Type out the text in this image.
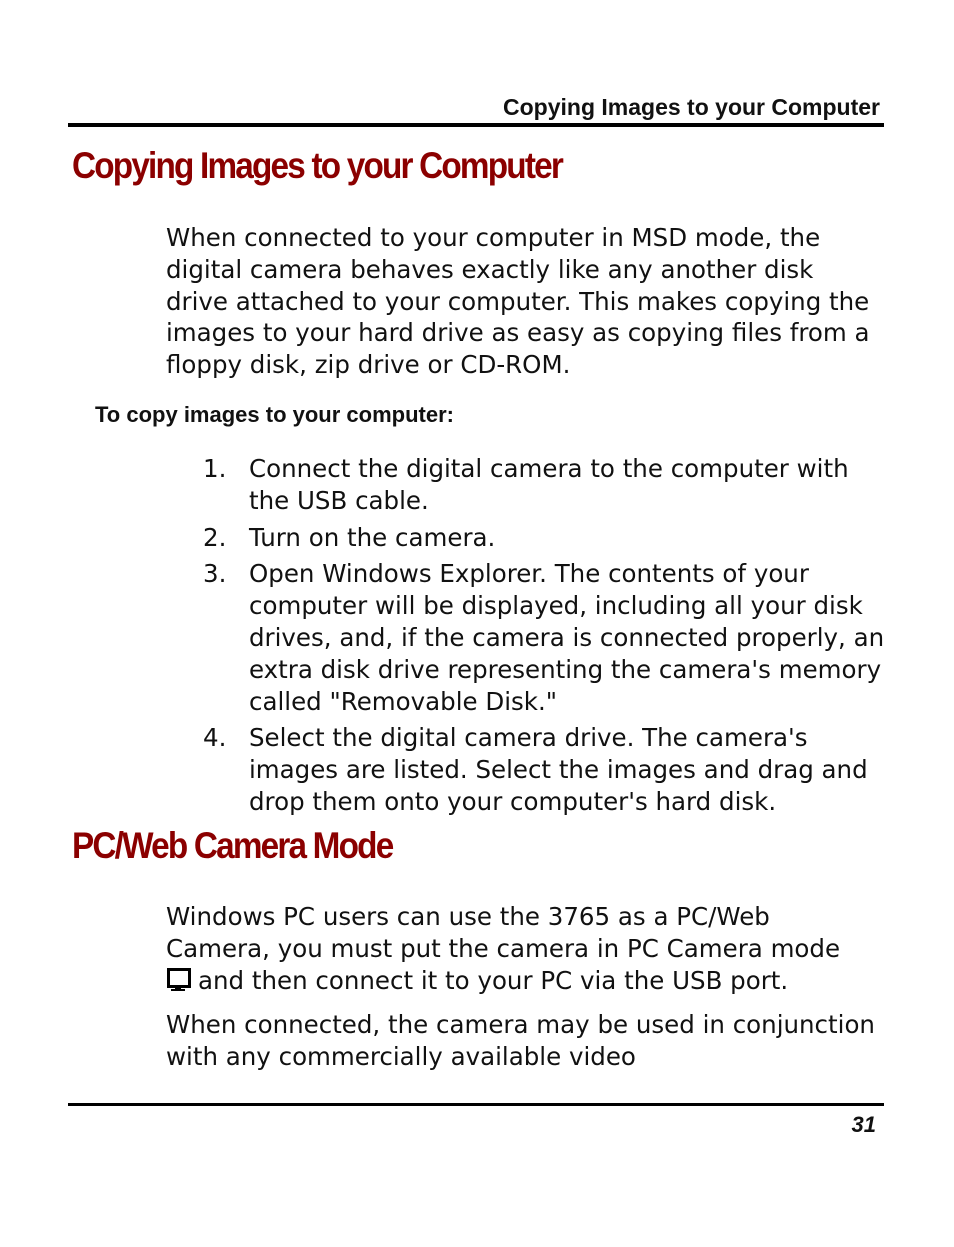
Copying Images to your Computer
Copying Images to your Computer

When connected to your computer in MSD mode, the digital camera behaves exactly like any another disk drive attached to your computer. This makes copying the images to your hard drive as easy as copying files from a floppy disk, zip drive or CD-ROM.

To copy images to your computer:

1. Connect the digital camera to the computer with the USB cable.
2. Turn on the camera.
3. Open Windows Explorer. The contents of your computer will be displayed, including all your disk drives, and, if the camera is connected properly, an extra disk drive representing the camera's memory called "Removable Disk."
4. Select the digital camera drive. The camera's images are listed. Select the images and drag and drop them onto your computer's hard disk.
PC/Web Camera Mode

Windows PC users can use the 3765 as a PC/Web Camera, you must put the camera in PC Camera mode

and then connect it to your PC via the USB port.

When connected, the camera may be used in conjunction with any commercially available video

31
